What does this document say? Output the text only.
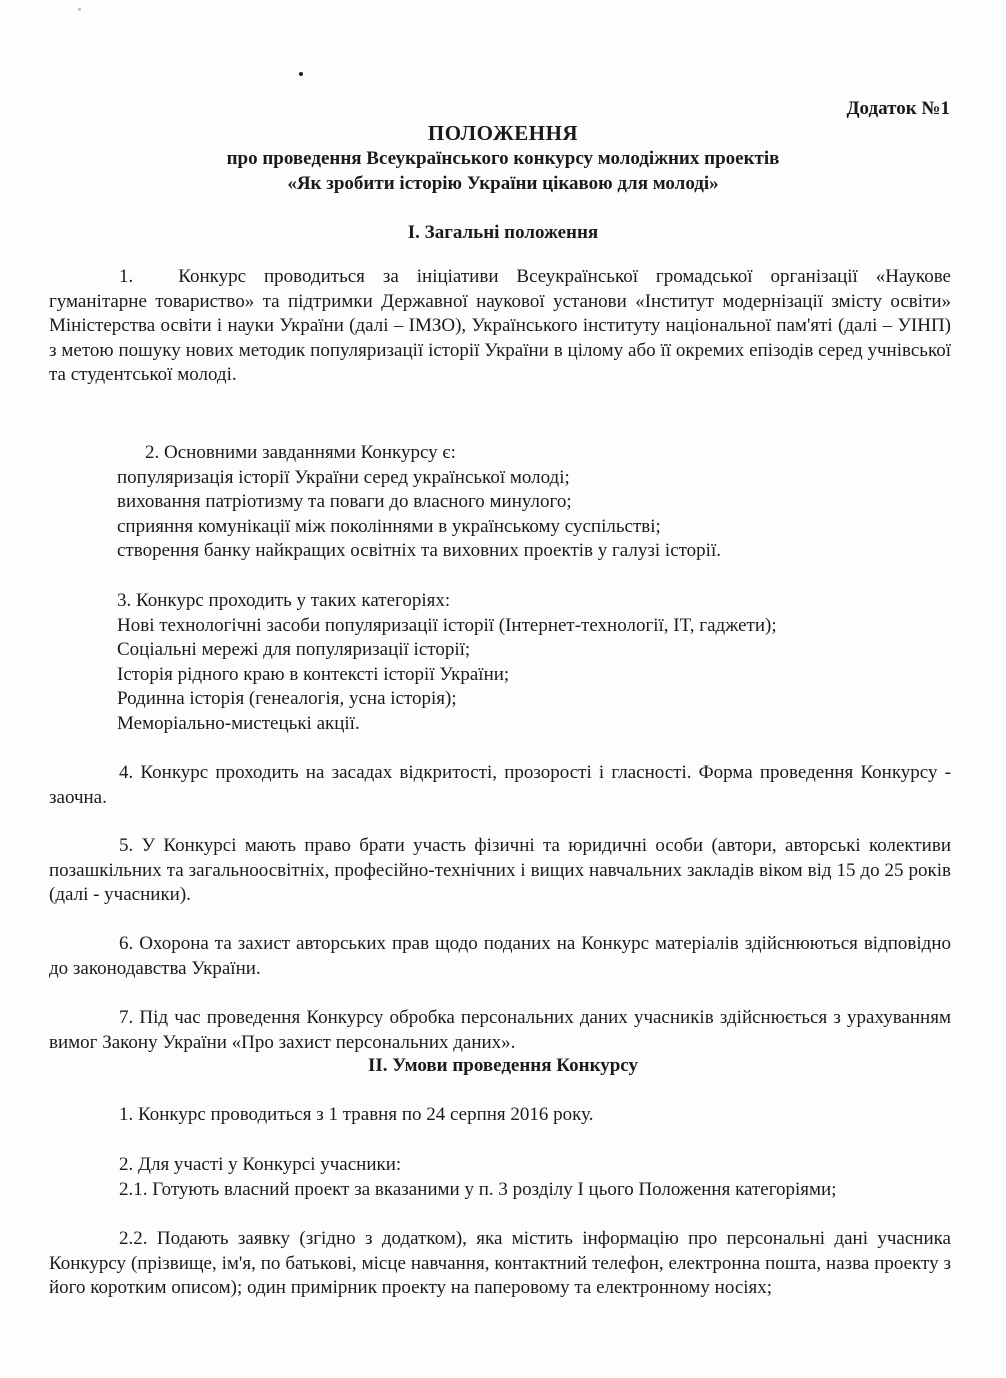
Додаток №1
ПОЛОЖЕННЯ
про проведення Всеукраїнського конкурсу молодіжних проектів
«Як зробити історію України цікавою для молоді»
I. Загальні положення
1. Конкурс проводиться за ініціативи Всеукраїнської громадської організації «Наукове гуманітарне товариство» та підтримки Державної наукової установи «Інститут модернізації змісту освіти» Міністерства освіти і науки України (далі – ІМЗО), Українського інституту національної пам'яті (далі – УІНП) з метою пошуку нових методик популяризації історії України в цілому або її окремих епізодів серед учнівської та студентської молоді.
2. Основними завданнями Конкурсу є:
популяризація історії України серед української молоді;
виховання патріотизму та поваги до власного минулого;
сприяння комунікації між поколіннями в українському суспільстві;
створення банку найкращих освітніх та виховних проектів у галузі історії.
3. Конкурс проходить у таких категоріях:
Нові технологічні засоби популяризації історії (Інтернет-технології, IT, гаджети);
Соціальні мережі для популяризації історії;
Історія рідного краю в контексті історії України;
Родинна історія (генеалогія, усна історія);
Меморіально-мистецькі акції.
4. Конкурс проходить на засадах відкритості, прозорості і гласності. Форма проведення Конкурсу - заочна.
5. У Конкурсі мають право брати участь фізичні та юридичні особи (автори, авторські колективи позашкільних та загальноосвітніх, професійно-технічних і вищих навчальних закладів віком від 15 до 25 років (далі - учасники).
6. Охорона та захист авторських прав щодо поданих на Конкурс матеріалів здійснюються відповідно до законодавства України.
7. Під час проведення Конкурсу обробка персональних даних учасників здійснюється з урахуванням вимог Закону України «Про захист персональних даних».
II. Умови проведення Конкурсу
1. Конкурс проводиться з 1 травня по 24 серпня 2016 року.
2. Для участі у Конкурсі учасники:
2.1. Готують власний проект за вказаними у п. 3 розділу I цього Положення категоріями;
2.2. Подають заявку (згідно з додатком), яка містить інформацію про персональні дані учасника Конкурсу (прізвище, ім'я, по батькові, місце навчання, контактний телефон, електронна пошта, назва проекту з його коротким описом); один примірник проекту на паперовому та електронному носіях;
